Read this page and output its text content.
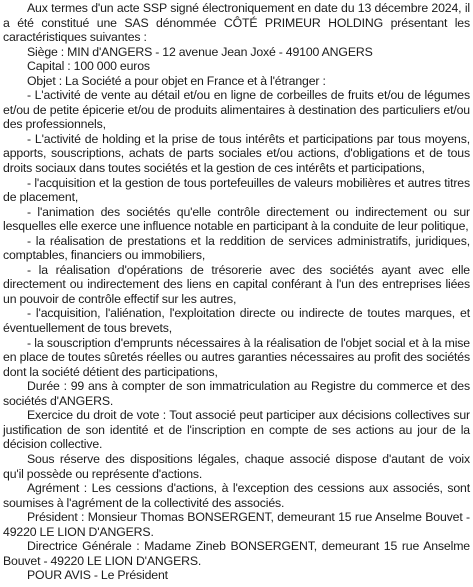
Aux termes d'un acte SSP signé électroniquement en date du 13 décembre 2024, il a été constitué une SAS dénommée CÔTÉ PRIMEUR HOLDING présentant les caractéristiques suivantes :

Siège : MIN d'ANGERS - 12 avenue Jean Joxé - 49100 ANGERS

Capital : 100 000 euros

Objet : La Société a pour objet en France et à l'étranger :

- L'activité de vente au détail et/ou en ligne de corbeilles de fruits et/ou de légumes et/ou de petite épicerie et/ou de produits alimentaires à destination des particuliers et/ou des professionnels,

- L'activité de holding et la prise de tous intérêts et participations par tous moyens, apports, souscriptions, achats de parts sociales et/ou actions, d'obligations et de tous droits sociaux dans toutes sociétés et la gestion de ces intérêts et participations,

- l'acquisition et la gestion de tous portefeuilles de valeurs mobilières et autres titres de placement,

- l'animation des sociétés qu'elle contrôle directement ou indirectement ou sur lesquelles elle exerce une influence notable en participant à la conduite de leur politique,

- la réalisation de prestations et la reddition de services administratifs, juridiques, comptables, financiers ou immobiliers,

- la réalisation d'opérations de trésorerie avec des sociétés ayant avec elle directement ou indirectement des liens en capital conférant à l'un des entreprises liées un pouvoir de contrôle effectif sur les autres,

- l'acquisition, l'aliénation, l'exploitation directe ou indirecte de toutes marques, et éventuellement de tous brevets,

- la souscription d'emprunts nécessaires à la réalisation de l'objet social et à la mise en place de toutes sûretés réelles ou autres garanties nécessaires au profit des sociétés dont la société détient des participations,

Durée : 99 ans à compter de son immatriculation au Registre du commerce et des sociétés d'ANGERS.

Exercice du droit de vote : Tout associé peut participer aux décisions collectives sur justification de son identité et de l'inscription en compte de ses actions au jour de la décision collective.

Sous réserve des dispositions légales, chaque associé dispose d'autant de voix qu'il possède ou représente d'actions.

Agrément : Les cessions d'actions, à l'exception des cessions aux associés, sont soumises à l'agrément de la collectivité des associés.

Président : Monsieur Thomas BONSERGENT, demeurant 15 rue Anselme Bouvet - 49220 LE LION D'ANGERS.

Directrice Générale : Madame Zineb BONSERGENT, demeurant 15 rue Anselme Bouvet - 49220 LE LION D'ANGERS.

POUR AVIS - Le Président
